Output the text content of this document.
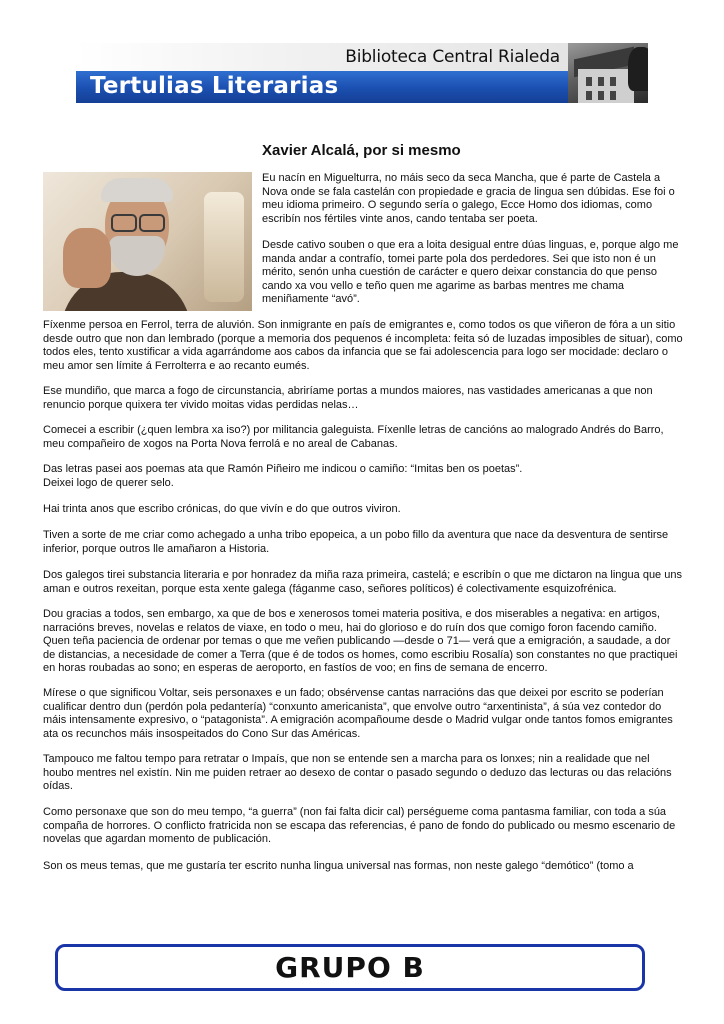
Biblioteca Central Rialeda
Tertulias Literarias
Xavier Alcalá, por si mesmo

Eu nacín en Miguelturra, no máis seco da seca Mancha, que é parte de Castela a Nova onde se fala castelán con propiedade e gracia de lingua sen dúbidas. Ese foi o meu idioma primeiro. O segundo sería o galego, Ecce Homo dos idiomas, como escribín nos fértiles vinte anos, cando tentaba ser poeta.

Desde cativo souben o que era a loita desigual entre dúas linguas, e, porque algo me manda andar a contrafío, tomei parte pola dos perdedores. Sei que isto non é un mérito, senón unha cuestión de carácter e quero deixar constancia do que penso cando xa vou vello e teño quen me agarime as barbas mentres me chama meniñamente “avó”.

Fíxenme persoa en Ferrol, terra de aluvión. Son inmigrante en país de emigrantes e, como todos os que viñeron de fóra a un sitio desde outro que non dan lembrado (porque a memoria dos pequenos é incompleta: feita só de luzadas imposibles de situar), como todos eles, tento xustificar a vida agarrándome aos cabos da infancia que se fai adolescencia para logo ser mocidade: declaro o meu amor sen límite á Ferrolterra e ao recanto eumés.

Ese mundiño, que marca a fogo de circunstancia, abriríame portas a mundos maiores, nas vastidades americanas a que non renuncio porque quixera ter vivido moitas vidas perdidas nelas…

Comecei a escribir (¿quen lembra xa iso?) por militancia galeguista. Fíxenlle letras de cancións ao malogrado Andrés do Barro, meu compañeiro de xogos na Porta Nova ferrolá e no areal de Cabanas.

Das letras pasei aos poemas ata que Ramón Piñeiro me indicou o camiño: “Imitas ben os poetas”.
Deixei logo de querer selo.

Hai trinta anos que escribo crónicas, do que vivín e do que outros viviron.

Tiven a sorte de me criar como achegado a unha tribo epopeica, a un pobo fillo da aventura que nace da desventura de sentirse inferior, porque outros lle amañaron a Historia.

Dos galegos tirei substancia literaria e por honradez da miña raza primeira, castelá; e escribín o que me dictaron na lingua que uns aman e outros rexeitan, porque esta xente galega (fáganme caso, señores políticos) é colectivamente esquizofrénica.

Dou gracias a todos, sen embargo, xa que de bos e xenerosos tomei materia positiva, e dos miserables a negativa: en artigos, narracións breves, novelas e relatos de viaxe, en todo o meu, hai do glorioso e do ruín dos que comigo foron facendo camiño. Quen teña paciencia de ordenar por temas o que me veñen publicando —desde o 71— verá que a emigración, a saudade, a dor de distancias, a necesidade de comer a Terra (que é de todos os homes, como escribiu Rosalía) son constantes no que practiquei en horas roubadas ao sono; en esperas de aeroporto, en fastíos de voo; en fins de semana de encerro.

Mírese o que significou Voltar, seis personaxes e un fado; obsérvense cantas narracións das que deixei por escrito se poderían cualificar dentro dun (perdón pola pedantería) “conxunto americanista”, que envolve outro “arxentinista”, á súa vez contedor do máis intensamente expresivo, o “patagonista”. A emigración acompañoume desde o Madrid vulgar onde tantos fomos emigrantes ata os recunchos máis insospeitados do Cono Sur das Américas.

Tampouco me faltou tempo para retratar o Impaís, que non se entende sen a marcha para os lonxes; nin a realidade que nel houbo mentres nel existín. Nin me puiden retraer ao desexo de contar o pasado segundo o deduzo das lecturas ou das relacións oídas.

Como personaxe que son do meu tempo, “a guerra” (non fai falta dicir cal) perségueme coma pantasma familiar, con toda a súa compaña de horrores. O conflicto fratricida non se escapa das referencias, é pano de fondo do publicado ou mesmo escenario de novelas que agardan momento de publicación.

Son os meus temas, que me gustaría ter escrito nunha lingua universal nas formas, non neste galego “demótico” (tomo a

GRUPO B
